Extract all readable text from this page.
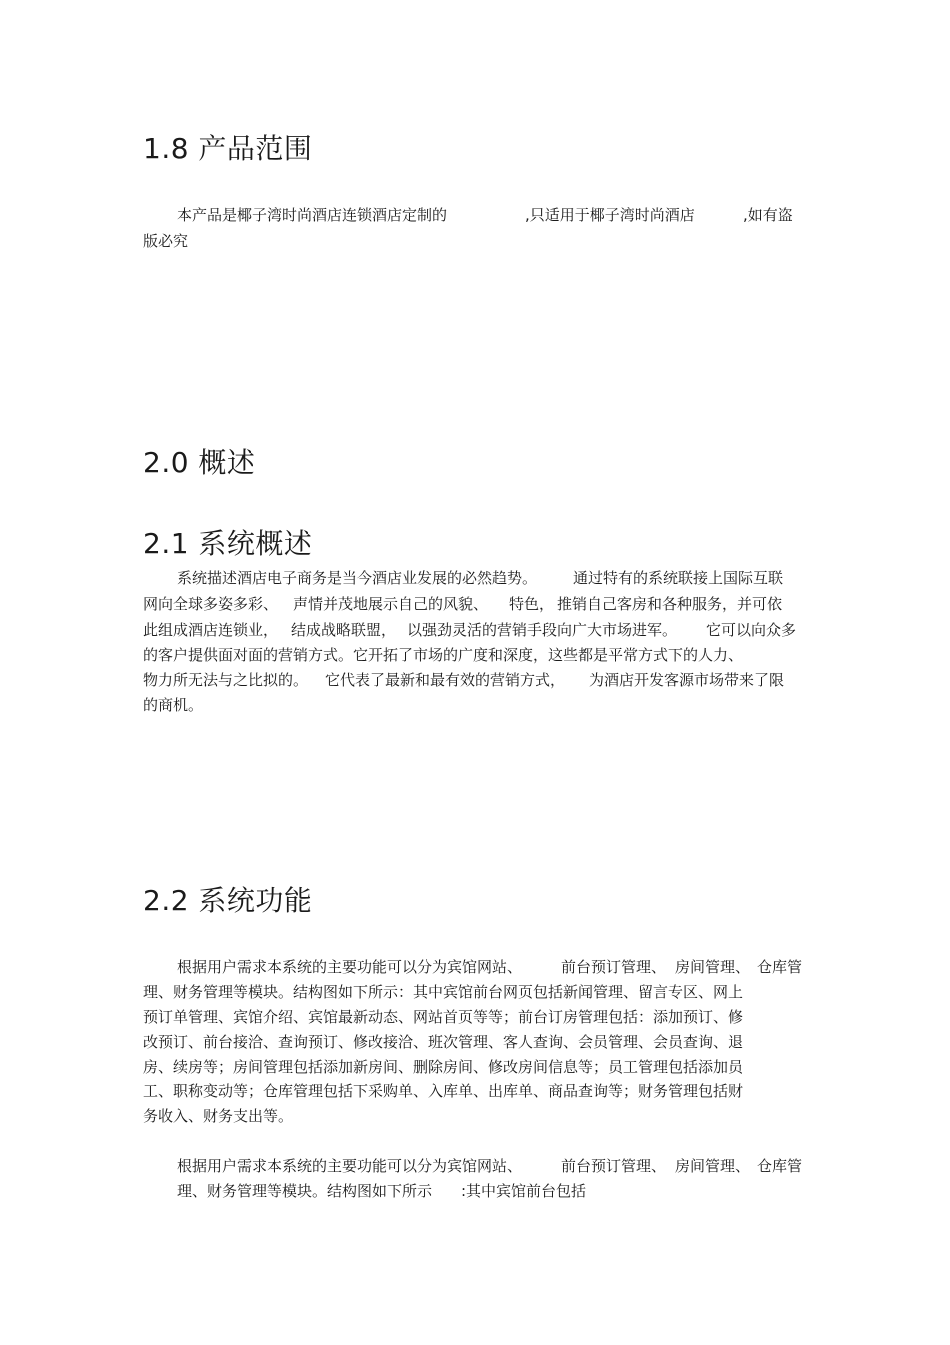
1.8 产品范围
本产品是椰子湾时尚酒店连锁酒店定制的	,只适用于椰子湾时尚酒店	,如有盗
版必究
2.0 概述
2.1 系统概述
系统描述酒店电子商务是当今酒店业发展的必然趋势。 通过特有的系统联接上国际互联
网向全球多姿多彩、 声情并茂地展示自己的风貌、 特色， 推销自己客房和各种服务，并可依
此组成酒店连锁业， 结成战略联盟， 以强劲灵活的营销手段向广大市场进军。 它可以向众多
的客户提供面对面的营销方式。它开拓了市场的广度和深度，这些都是平常方式下的人力、
物力所无法与之比拟的。 它代表了最新和最有效的营销方式， 为酒店开发客源市场带来了限
的商机。
2.2 系统功能
根据用户需求本系统的主要功能可以分为宾馆网站、	前台预订管理、 房间管理、 仓库管
理、财务管理等模块。结构图如下所示：其中宾馆前台网页包括新闻管理、留言专区、网上
预订单管理、宾馆介绍、宾馆最新动态、网站首页等等；前台订房管理包括：添加预订、修
改预订、前台接洽、查询预订、修改接洽、班次管理、客人查询、会员管理、会员查询、退
房、续房等；房间管理包括添加新房间、删除房间、修改房间信息等；员工管理包括添加员
工、职称变动等；仓库管理包括下采购单、入库单、出库单、商品查询等；财务管理包括财
务收入、财务支出等。
根据用户需求本系统的主要功能可以分为宾馆网站、	前台预订管理、 房间管理、 仓库管
理、财务管理等模块。结构图如下所示 :其中宾馆前台包括
